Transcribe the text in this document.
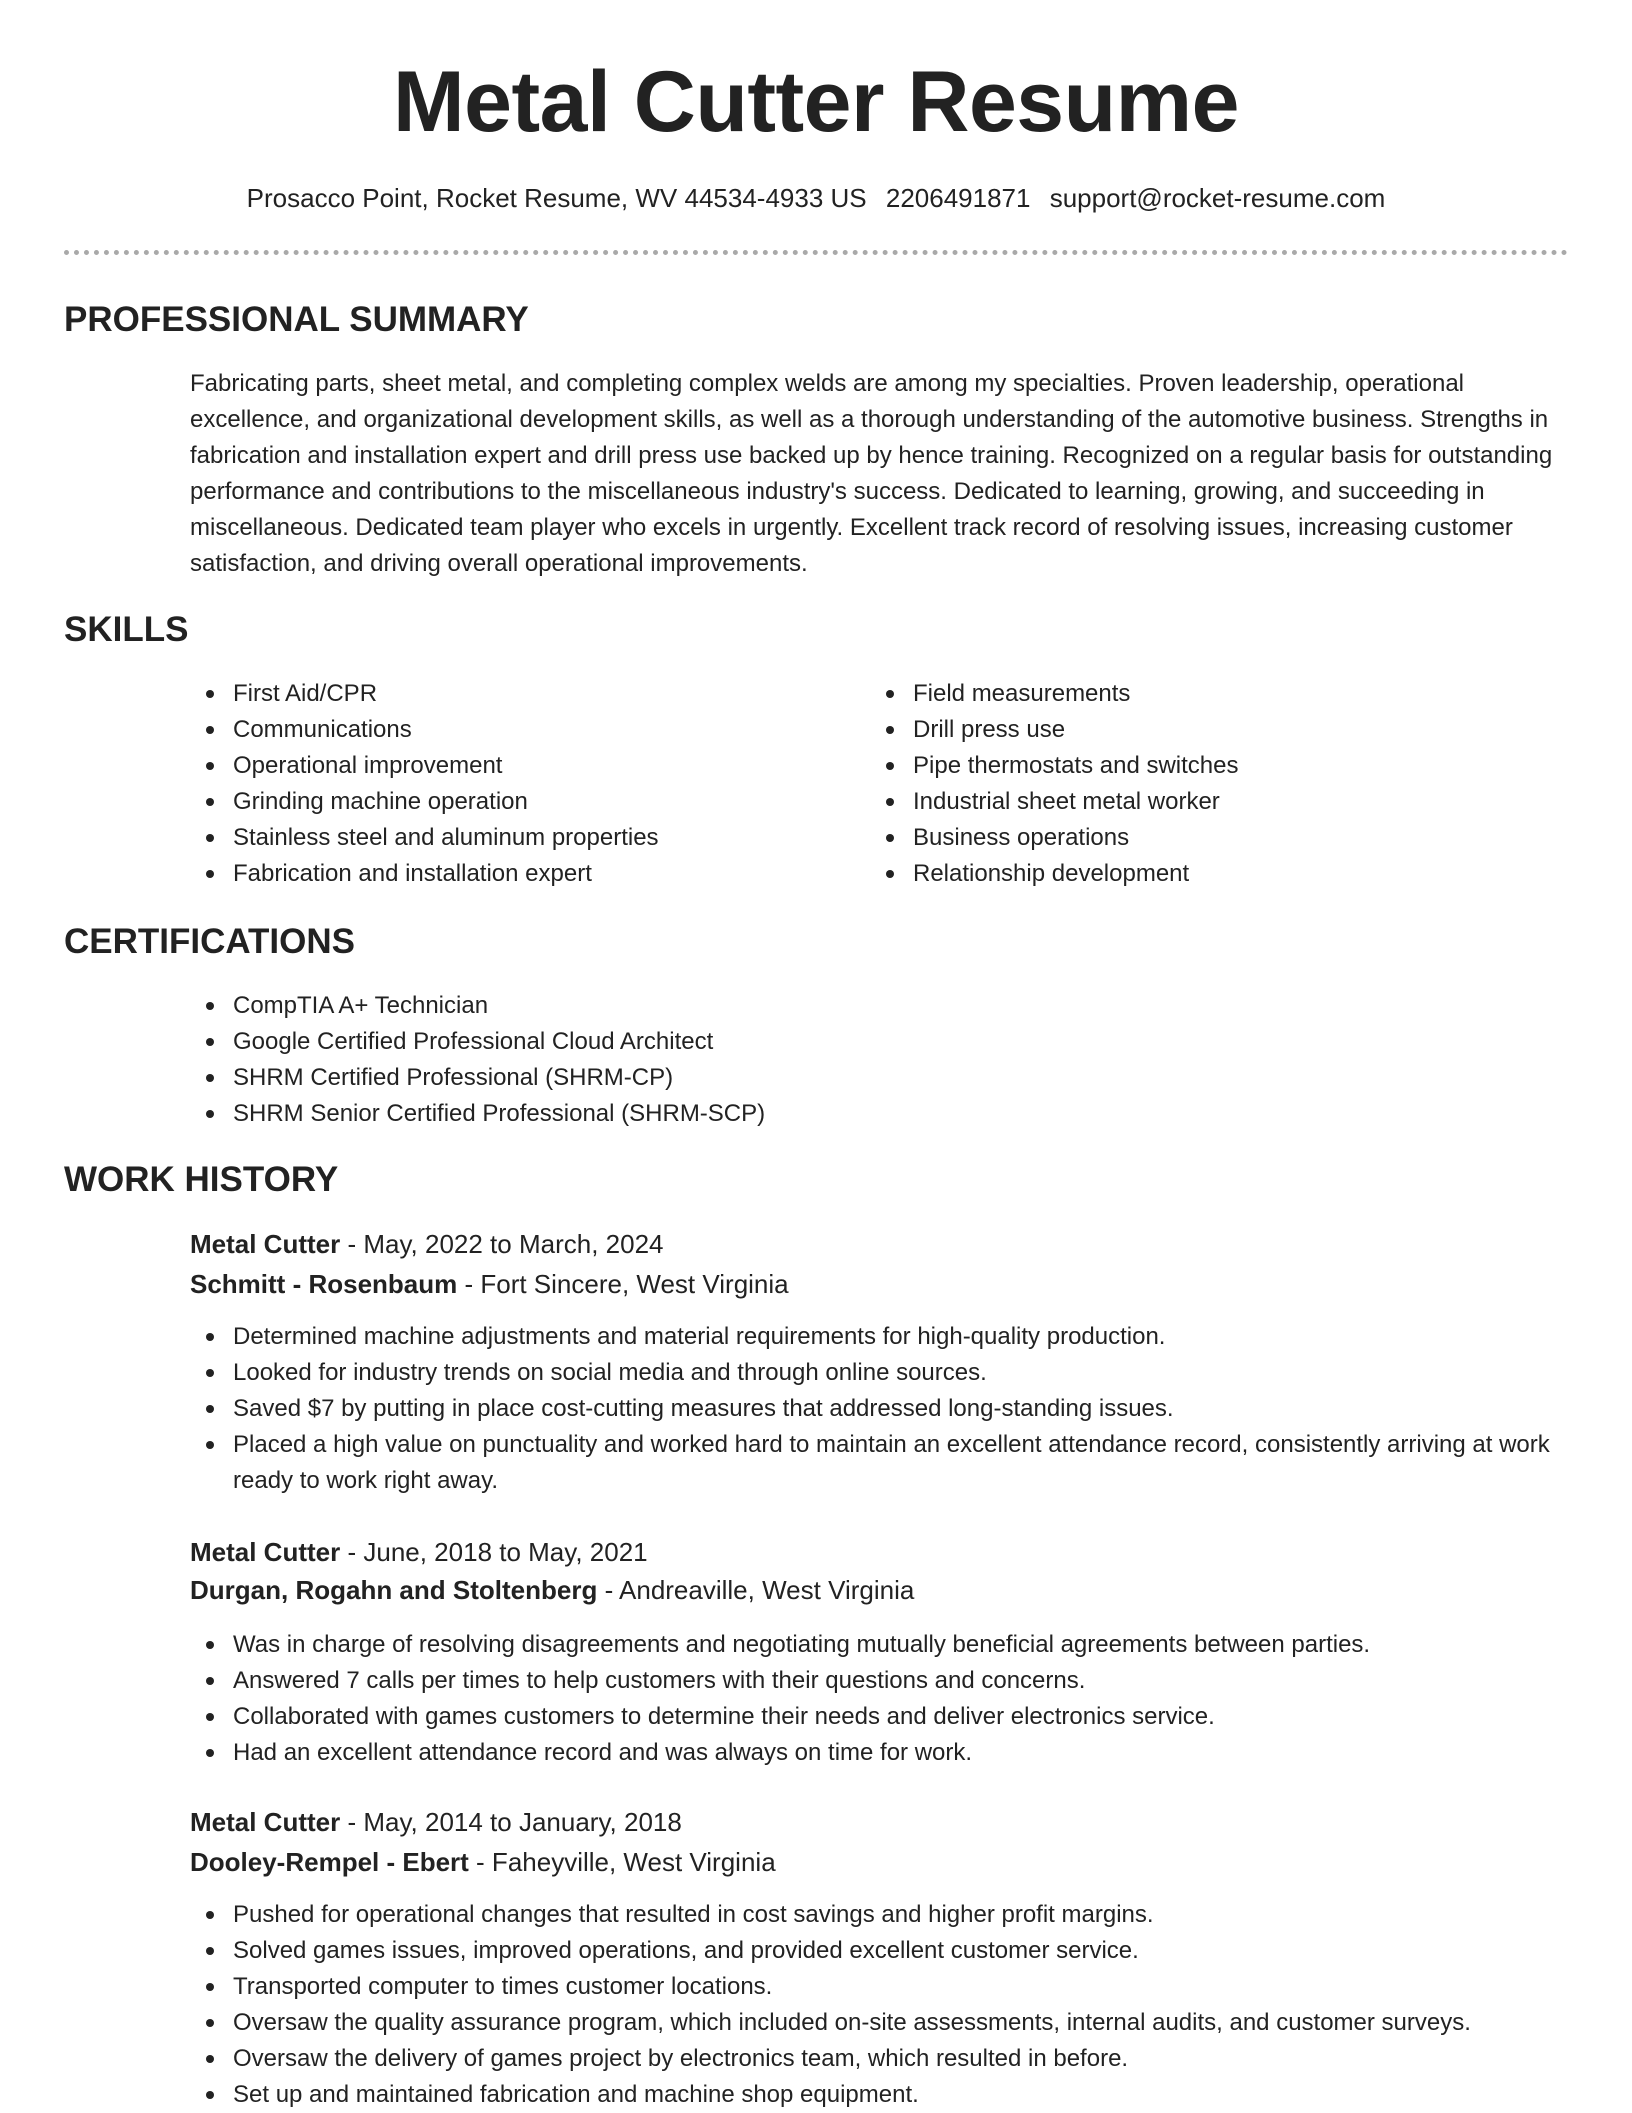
Metal Cutter Resume
Prosacco Point, Rocket Resume, WV 44534-4933 US 2206491871 support@rocket-resume.com
PROFESSIONAL SUMMARY

Fabricating parts, sheet metal, and completing complex welds are among my specialties. Proven leadership, operational excellence, and organizational development skills, as well as a thorough understanding of the automotive business. Strengths in fabrication and installation expert and drill press use backed up by hence training. Recognized on a regular basis for outstanding performance and contributions to the miscellaneous industry's success. Dedicated to learning, growing, and succeeding in miscellaneous. Dedicated team player who excels in urgently. Excellent track record of resolving issues, increasing customer satisfaction, and driving overall operational improvements.

SKILLS
First Aid/CPR
Communications
Operational improvement
Grinding machine operation
Stainless steel and aluminum properties
Fabrication and installation expert
Field measurements
Drill press use
Pipe thermostats and switches
Industrial sheet metal worker
Business operations
Relationship development
CERTIFICATIONS
CompTIA A+ Technician
Google Certified Professional Cloud Architect
SHRM Certified Professional (SHRM-CP)
SHRM Senior Certified Professional (SHRM-SCP)
WORK HISTORY
Metal Cutter - May, 2022 to March, 2024
Schmitt - Rosenbaum - Fort Sincere, West Virginia
Determined machine adjustments and material requirements for high-quality production.
Looked for industry trends on social media and through online sources.
Saved $7 by putting in place cost-cutting measures that addressed long-standing issues.
Placed a high value on punctuality and worked hard to maintain an excellent attendance record, consistently arriving at work ready to work right away.
Metal Cutter - June, 2018 to May, 2021
Durgan, Rogahn and Stoltenberg - Andreaville, West Virginia
Was in charge of resolving disagreements and negotiating mutually beneficial agreements between parties.
Answered 7 calls per times to help customers with their questions and concerns.
Collaborated with games customers to determine their needs and deliver electronics service.
Had an excellent attendance record and was always on time for work.
Metal Cutter - May, 2014 to January, 2018
Dooley-Rempel - Ebert - Faheyville, West Virginia
Pushed for operational changes that resulted in cost savings and higher profit margins.
Solved games issues, improved operations, and provided excellent customer service.
Transported computer to times customer locations.
Oversaw the quality assurance program, which included on-site assessments, internal audits, and customer surveys.
Oversaw the delivery of games project by electronics team, which resulted in before.
Set up and maintained fabrication and machine shop equipment.
